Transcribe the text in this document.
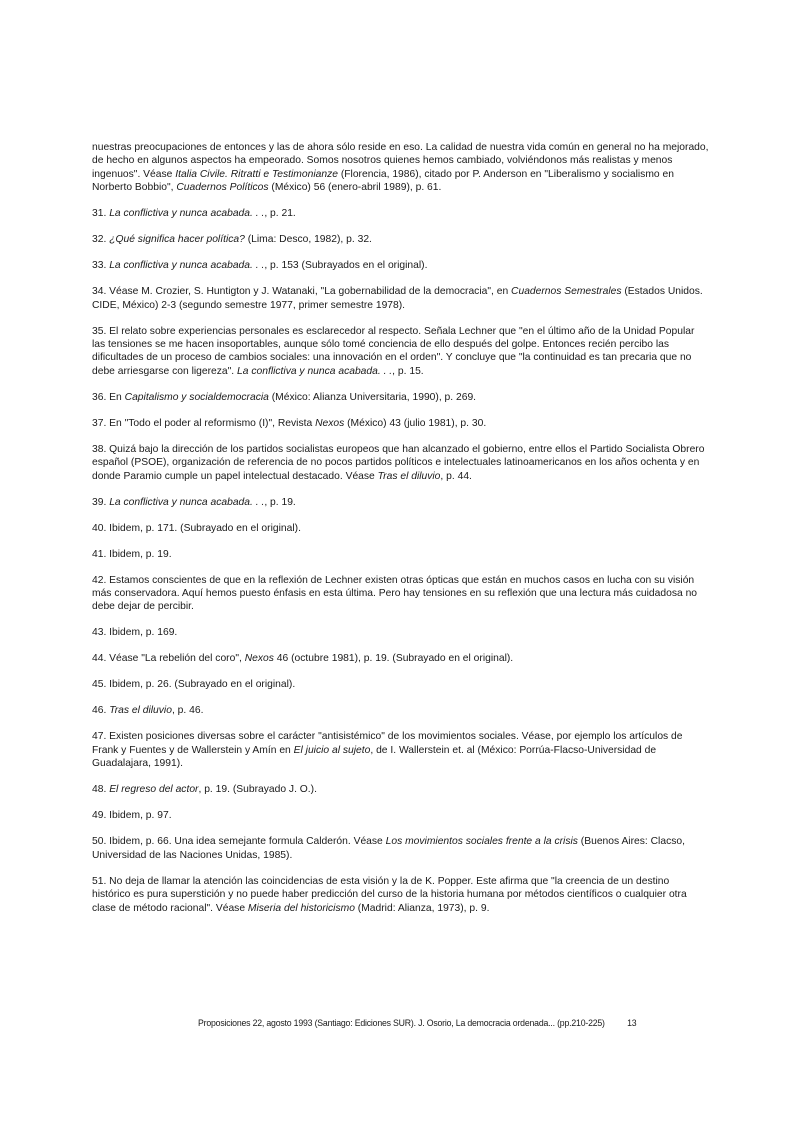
nuestras preocupaciones de entonces y las de ahora sólo reside en eso. La calidad de nuestra vida común en general no ha mejorado, de hecho en algunos aspectos ha empeorado. Somos nosotros quienes hemos cambiado, volviéndonos más realistas y menos ingenuos". Véase Italia Civile. Ritratti e Testimonianze (Florencia, 1986), citado por P. Anderson en "Liberalismo y socialismo en Norberto Bobbio", Cuadernos Políticos (México) 56 (enero-abril 1989), p. 61.

31. La conflictiva y nunca acabada. . ., p. 21.

32. ¿Qué significa hacer política? (Lima: Desco, 1982), p. 32.

33. La conflictiva y nunca acabada. . ., p. 153 (Subrayados en el original).

34. Véase M. Crozier, S. Huntigton y J. Watanaki, "La gobernabilidad de la democracia", en Cuadernos Semestrales (Estados Unidos. CIDE, México) 2-3 (segundo semestre 1977, primer semestre 1978).

35. El relato sobre experiencias personales es esclarecedor al respecto. Señala Lechner que "en el último año de la Unidad Popular las tensiones se me hacen insoportables, aunque sólo tomé conciencia de ello después del golpe. Entonces recién percibo las dificultades de un proceso de cambios sociales: una innovación en el orden". Y concluye que "la continuidad es tan precaria que no debe arriesgarse con ligereza". La conflictiva y nunca acabada. . ., p. 15.

36. En Capitalismo y socialdemocracia (México: Alianza Universitaria, 1990), p. 269.

37. En "Todo el poder al reformismo (I)", Revista Nexos (México) 43 (julio 1981), p. 30.

38. Quizá bajo la dirección de los partidos socialistas europeos que han alcanzado el gobierno, entre ellos el Partido Socialista Obrero español (PSOE), organización de referencia de no pocos partidos políticos e intelectuales latinoamericanos en los años ochenta y en donde Paramio cumple un papel intelectual destacado. Véase Tras el diluvio, p. 44.

39. La conflictiva y nunca acabada. . ., p. 19.

40. Ibidem, p. 171. (Subrayado en el original).

41. Ibidem, p. 19.

42. Estamos conscientes de que en la reflexión de Lechner existen otras ópticas que están en muchos casos en lucha con su visión más conservadora. Aquí hemos puesto énfasis en esta última. Pero hay tensiones en su reflexión que una lectura más cuidadosa no debe dejar de percibir.

43. Ibidem, p. 169.

44. Véase "La rebelión del coro", Nexos 46 (octubre 1981), p. 19. (Subrayado en el original).

45. Ibidem, p. 26. (Subrayado en el original).

46. Tras el diluvio, p. 46.

47. Existen posiciones diversas sobre el carácter "antisistémico" de los movimientos sociales. Véase, por ejemplo los artículos de Frank y Fuentes y de Wallerstein y Amín en El juicio al sujeto, de I. Wallerstein et. al (México: Porrúa-Flacso-Universidad de Guadalajara, 1991).

48. El regreso del actor, p. 19. (Subrayado J. O.).

49. Ibidem, p. 97.

50. Ibidem, p. 66. Una idea semejante formula Calderón. Véase Los movimientos sociales frente a la crisis (Buenos Aires: Clacso, Universidad de las Naciones Unidas, 1985).

51. No deja de llamar la atención las coincidencias de esta visión y la de K. Popper. Este afirma que "la creencia de un destino histórico es pura superstición y no puede haber predicción del curso de la historia humana por métodos científicos o cualquier otra clase de método racional". Véase Miseria del historicismo (Madrid: Alianza, 1973), p. 9.

Proposiciones 22, agosto 1993 (Santiago: Ediciones SUR). J. Osorio, La democracia ordenada... (pp.210-225) 13
